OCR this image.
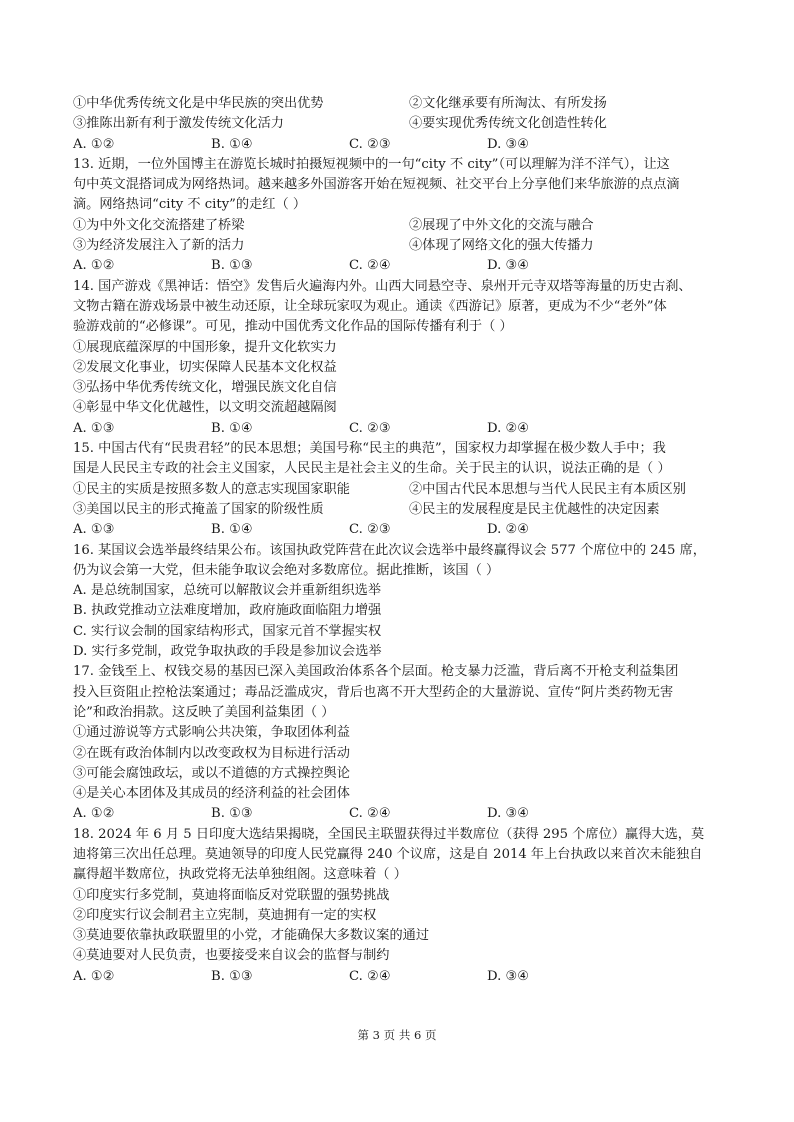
①中华优秀传统文化是中华民族的突出优势	②文化继承要有所淘汰、有所发扬
③推陈出新有利于激发传统文化活力	④要实现优秀传统文化创造性转化
A. ①②	B. ①④	C. ②③	D. ③④
13. 近期，一位外国博主在游览长城时拍摄短视频中的一句“city 不 city”（可以理解为洋不洋气），让这
句中英文混搭词成为网络热词。越来越多外国游客开始在短视频、社交平台上分享他们来华旅游的点点滴
滴。网络热词“city 不 city”的走红（ ）
①为中外文化交流搭建了桥梁	②展现了中外文化的交流与融合
③为经济发展注入了新的活力	④体现了网络文化的强大传播力
A. ①②	B. ①③	C. ②④	D. ③④
14. 国产游戏《黑神话：悟空》发售后火遍海内外。山西大同悬空寺、泉州开元寺双塔等海量的历史古刹、
文物古籍在游戏场景中被生动还原，让全球玩家叹为观止。通读《西游记》原著，更成为不少“老外”体
验游戏前的“必修课”。可见，推动中国优秀文化作品的国际传播有利于（ ）
①展现底蕴深厚的中国形象，提升文化软实力
②发展文化事业，切实保障人民基本文化权益
③弘扬中华优秀传统文化，增强民族文化自信
④彰显中华文化优越性，以文明交流超越隔阂
A. ①③	B. ①④	C. ②③	D. ②④
15. 中国古代有“民贵君轻”的民本思想；美国号称“民主的典范”，国家权力却掌握在极少数人手中；我
国是人民民主专政的社会主义国家，人民民主是社会主义的生命。关于民主的认识，说法正确的是（ ）
①民主的实质是按照多数人的意志实现国家职能	②中国古代民本思想与当代人民民主有本质区别
③美国以民主的形式掩盖了国家的阶级性质	④民主的发展程度是民主优越性的决定因素
A. ①③	B. ①④	C. ②③	D. ②④
16. 某国议会选举最终结果公布。该国执政党阵营在此次议会选举中最终赢得议会 577 个席位中的 245 席，
仍为议会第一大党，但未能争取议会绝对多数席位。据此推断，该国（ ）
A. 是总统制国家，总统可以解散议会并重新组织选举
B. 执政党推动立法难度增加，政府施政面临阻力增强
C. 实行议会制的国家结构形式，国家元首不掌握实权
D. 实行多党制，政党争取执政的手段是参加议会选举
17. 金钱至上、权钱交易的基因已深入美国政治体系各个层面。枪支暴力泛滥，背后离不开枪支利益集团
投入巨资阻止控枪法案通过；毒品泛滥成灾，背后也离不开大型药企的大量游说、宣传“阿片类药物无害
论”和政治捐款。这反映了美国利益集团（ ）
①通过游说等方式影响公共决策，争取团体利益
②在既有政治体制内以改变政权为目标进行活动
③可能会腐蚀政坛，或以不道德的方式操控舆论
④是关心本团体及其成员的经济利益的社会团体
A. ①②	B. ①③	C. ②④	D. ③④
18. 2024 年 6 月 5 日印度大选结果揭晓，全国民主联盟获得过半数席位（获得 295 个席位）赢得大选，莫
迪将第三次出任总理。莫迪领导的印度人民党赢得 240 个议席，这是自 2014 年上台执政以来首次未能独自
赢得超半数席位，执政党将无法单独组阁。这意味着（ ）
①印度实行多党制，莫迪将面临反对党联盟的强势挑战
②印度实行议会制君主立宪制，莫迪拥有一定的实权
③莫迪要依靠执政联盟里的小党，才能确保大多数议案的通过
④莫迪要对人民负责，也要接受来自议会的监督与制约
A. ①②	B. ①③	C. ②④	D. ③④
第 3 页 共 6 页
